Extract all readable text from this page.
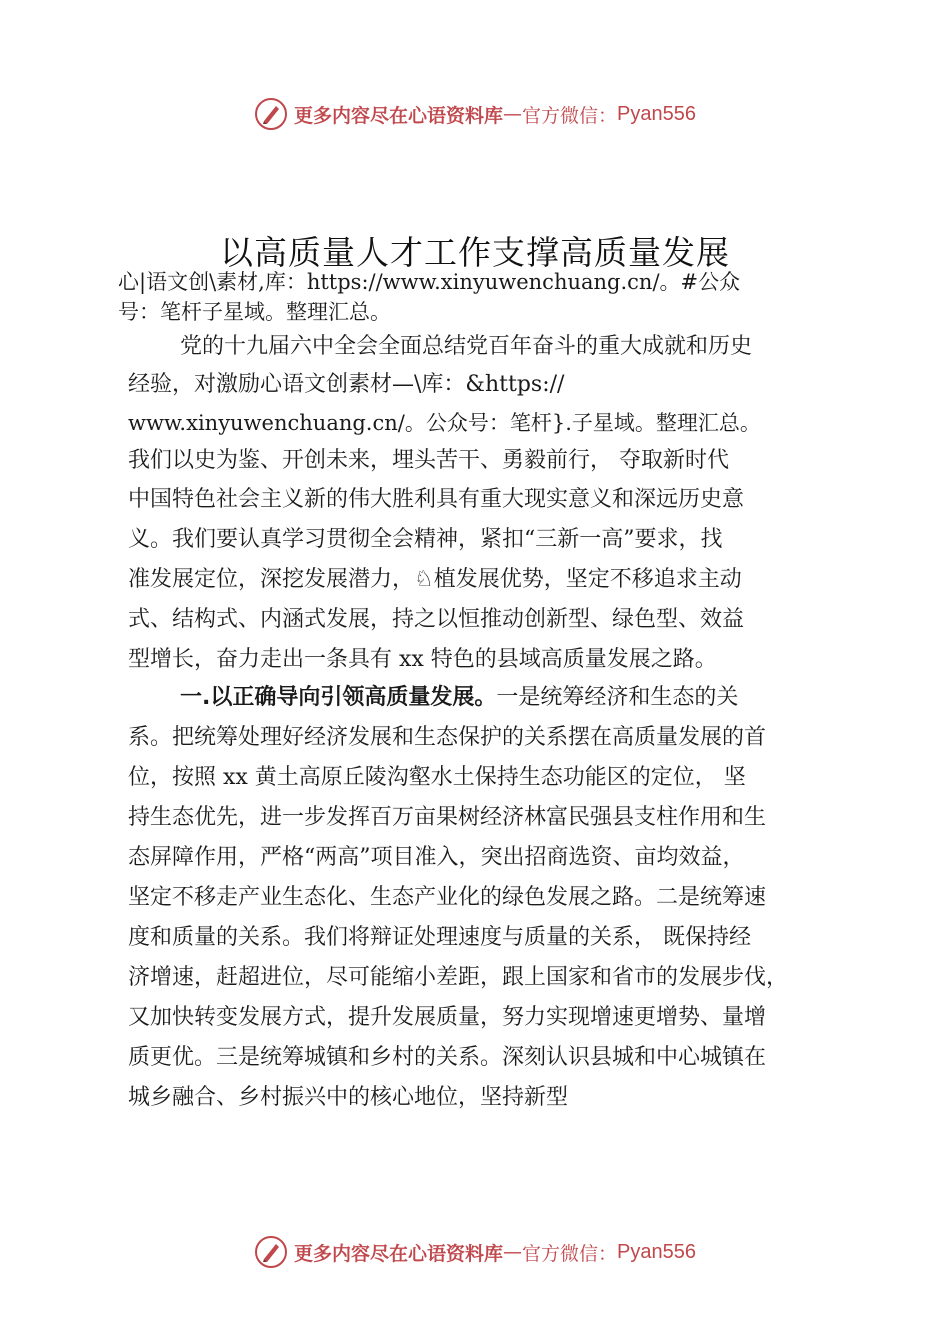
更多内容尽在心语资料库 — 官方微信： Pyan556
以高质量人才工作支撑高质量发展
心|语文创\素材,库：https://www.xinyuwenchuang.cn/。#公众
号：笔杆子星域。整理汇总。
党的十九届六中全会全面总结党百年奋斗的重大成就和历史
经验，对激励心语文创素材—\库：&https://
www.xinyuwenchuang.cn/。公众号：笔杆}.子星域。整理汇总。
我们以史为鉴、开创未来，埋头苦干、勇毅前行， 夺取新时代
中国特色社会主义新的伟大胜利具有重大现实意义和深远历史意
义。我们要认真学习贯彻全会精神，紧扣“三新一高”要求，找
准发展定位，深挖发展潜力，♘植发展优势，坚定不移追求主动
式、结构式、内涵式发展，持之以恒推动创新型、绿色型、效益
型增长，奋力走出一条具有 xx 特色的县域高质量发展之路。
一.以正确导向引领高质量发展。一是统筹经济和生态的关
系。把统筹处理好经济发展和生态保护的关系摆在高质量发展的首
位，按照 xx 黄土高原丘陵沟壑水土保持生态功能区的定位， 坚
持生态优先，进一步发挥百万亩果树经济林富民强县支柱作用和生
态屏障作用，严格“两高”项目准入，突出招商选资、亩均效益，
坚定不移走产业生态化、生态产业化的绿色发展之路。二是统筹速
度和质量的关系。我们将辩证处理速度与质量的关系， 既保持经
济增速，赶超进位，尽可能缩小差距，跟上国家和省市的发展步伐，
又加快转变发展方式，提升发展质量，努力实现增速更增势、量增
质更优。三是统筹城镇和乡村的关系。深刻认识县城和中心城镇在
城乡融合、乡村振兴中的核心地位，坚持新型
更多内容尽在心语资料库 — 官方微信： Pyan556
